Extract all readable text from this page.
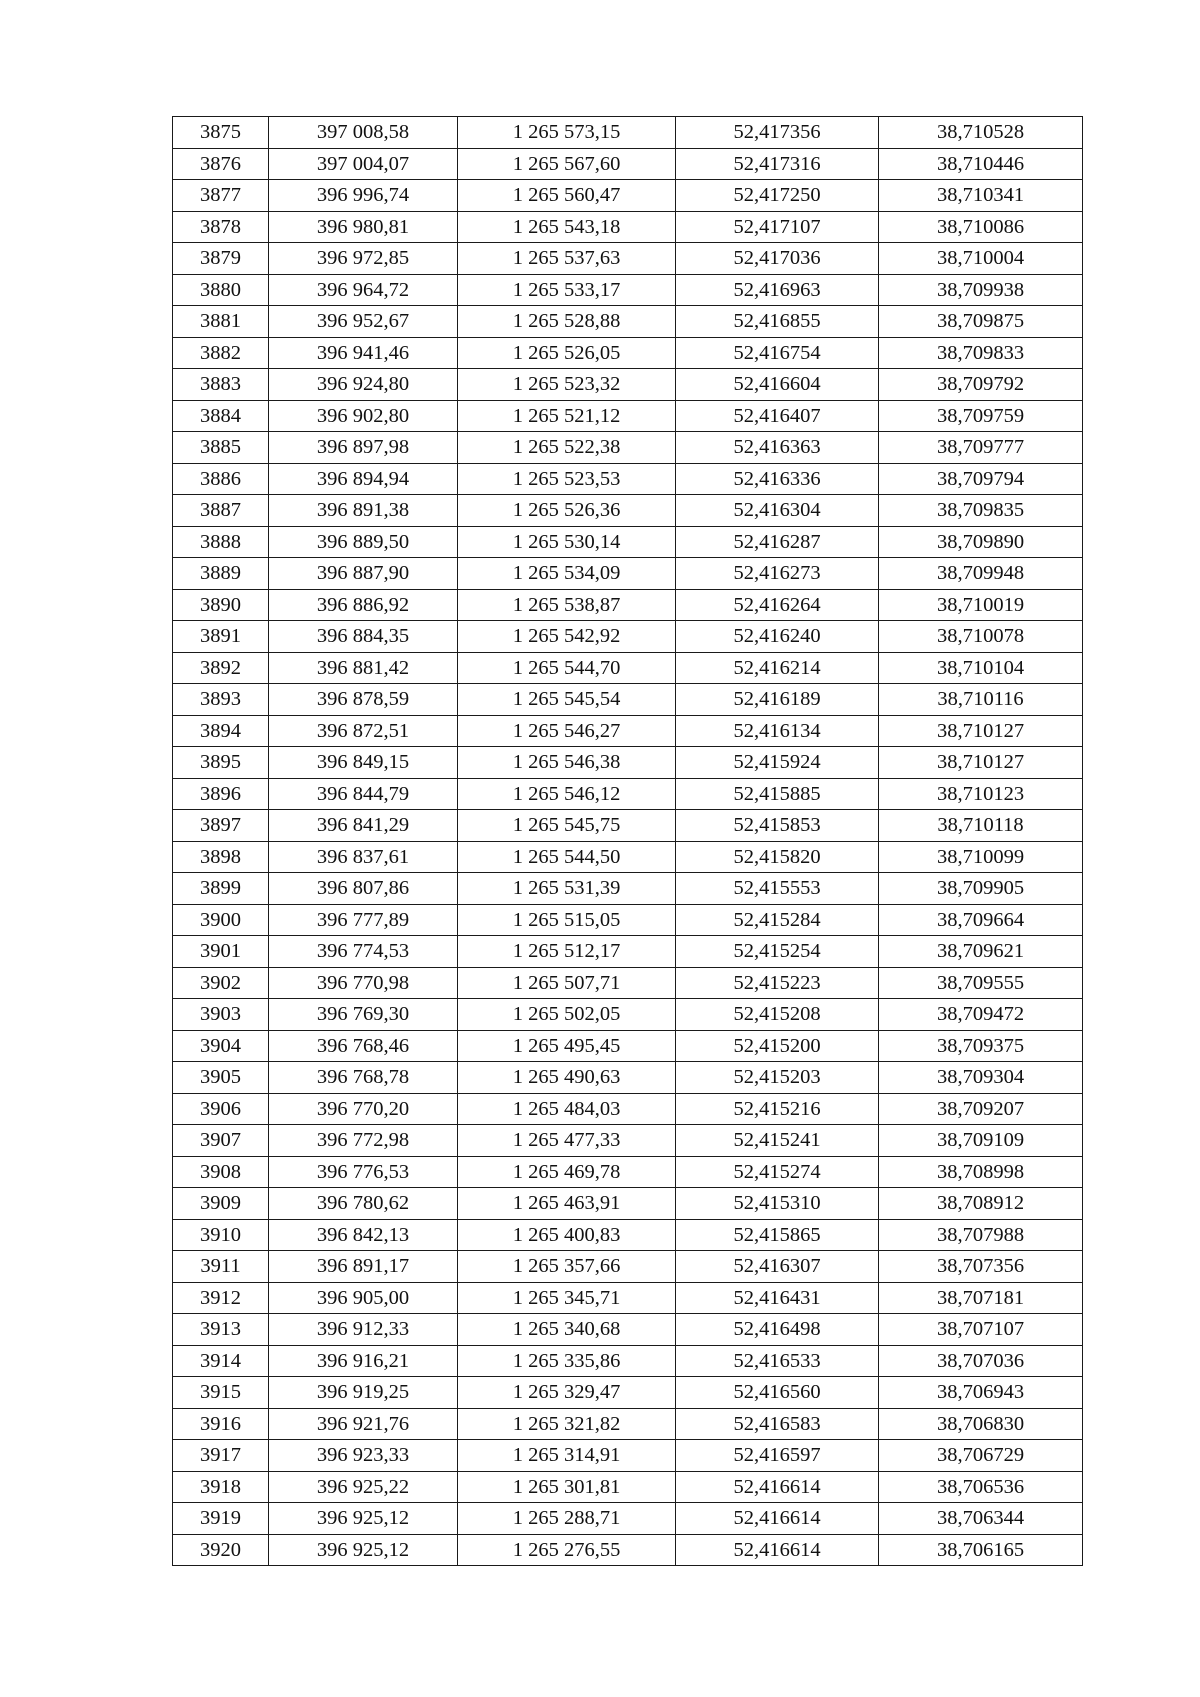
3875	397 008,58	1 265 573,15	52,417356	38,710528
3876	397 004,07	1 265 567,60	52,417316	38,710446
3877	396 996,74	1 265 560,47	52,417250	38,710341
3878	396 980,81	1 265 543,18	52,417107	38,710086
3879	396 972,85	1 265 537,63	52,417036	38,710004
3880	396 964,72	1 265 533,17	52,416963	38,709938
3881	396 952,67	1 265 528,88	52,416855	38,709875
3882	396 941,46	1 265 526,05	52,416754	38,709833
3883	396 924,80	1 265 523,32	52,416604	38,709792
3884	396 902,80	1 265 521,12	52,416407	38,709759
3885	396 897,98	1 265 522,38	52,416363	38,709777
3886	396 894,94	1 265 523,53	52,416336	38,709794
3887	396 891,38	1 265 526,36	52,416304	38,709835
3888	396 889,50	1 265 530,14	52,416287	38,709890
3889	396 887,90	1 265 534,09	52,416273	38,709948
3890	396 886,92	1 265 538,87	52,416264	38,710019
3891	396 884,35	1 265 542,92	52,416240	38,710078
3892	396 881,42	1 265 544,70	52,416214	38,710104
3893	396 878,59	1 265 545,54	52,416189	38,710116
3894	396 872,51	1 265 546,27	52,416134	38,710127
3895	396 849,15	1 265 546,38	52,415924	38,710127
3896	396 844,79	1 265 546,12	52,415885	38,710123
3897	396 841,29	1 265 545,75	52,415853	38,710118
3898	396 837,61	1 265 544,50	52,415820	38,710099
3899	396 807,86	1 265 531,39	52,415553	38,709905
3900	396 777,89	1 265 515,05	52,415284	38,709664
3901	396 774,53	1 265 512,17	52,415254	38,709621
3902	396 770,98	1 265 507,71	52,415223	38,709555
3903	396 769,30	1 265 502,05	52,415208	38,709472
3904	396 768,46	1 265 495,45	52,415200	38,709375
3905	396 768,78	1 265 490,63	52,415203	38,709304
3906	396 770,20	1 265 484,03	52,415216	38,709207
3907	396 772,98	1 265 477,33	52,415241	38,709109
3908	396 776,53	1 265 469,78	52,415274	38,708998
3909	396 780,62	1 265 463,91	52,415310	38,708912
3910	396 842,13	1 265 400,83	52,415865	38,707988
3911	396 891,17	1 265 357,66	52,416307	38,707356
3912	396 905,00	1 265 345,71	52,416431	38,707181
3913	396 912,33	1 265 340,68	52,416498	38,707107
3914	396 916,21	1 265 335,86	52,416533	38,707036
3915	396 919,25	1 265 329,47	52,416560	38,706943
3916	396 921,76	1 265 321,82	52,416583	38,706830
3917	396 923,33	1 265 314,91	52,416597	38,706729
3918	396 925,22	1 265 301,81	52,416614	38,706536
3919	396 925,12	1 265 288,71	52,416614	38,706344
3920	396 925,12	1 265 276,55	52,416614	38,706165
